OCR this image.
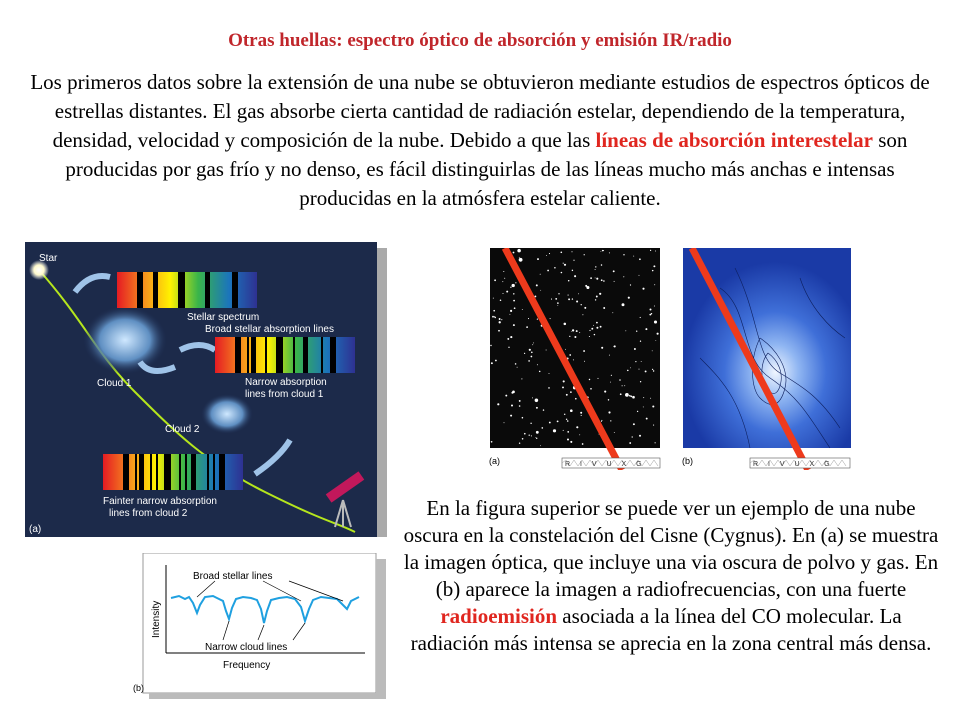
Otras huellas: espectro óptico de absorción y emisión IR/radio
Los primeros datos sobre la extensión de una nube se obtuvieron mediante estudios de espectros ópticos de estrellas distantes. El gas absorbe cierta cantidad de radiación estelar, dependiendo de la temperatura, densidad, velocidad y composición de la nube. Debido a que las líneas de absorción interestelar son producidas por gas frío y no denso, es fácil distinguirlas de las líneas mucho más anchas e intensas producidas en la atmósfera estelar caliente.
Star
Cloud 1
Cloud 2
Stellar spectrum
Broad stellar absorption lines
Narrow absorption
lines from cloud 1
Fainter narrow absorption
lines from cloud 2
(a)
Broad stellar lines
Narrow cloud lines
Frequency
Intensity
(b)
(a)	R I V U X G	(b)	R I V U X G
En la figura superior se puede ver un ejemplo de una nube oscura en la constelación del Cisne (Cygnus). En (a) se muestra la imagen óptica, que incluye una via oscura de polvo y gas. En (b) aparece la imagen a radiofrecuencias, con una fuerte radioemisión asociada a la línea del CO molecular. La radiación más intensa se aprecia en la zona central más densa.
